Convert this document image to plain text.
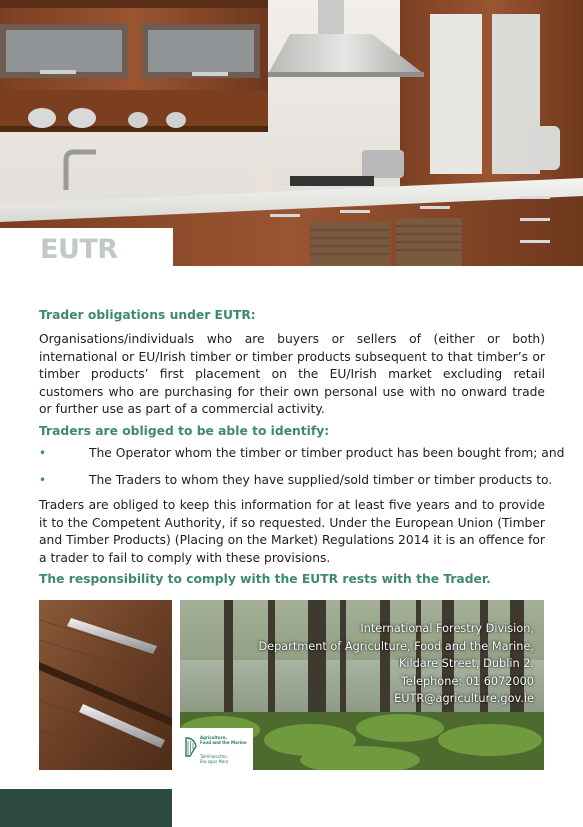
EUTR

Trader obligations under EUTR:

Organisations/individuals who are buyers or sellers of (either or both) international or EU/Irish timber or timber products subsequent to that timber’s or timber products’ first placement on the EU/Irish market excluding retail customers who are purchasing for their own personal use with no onward trade or further use as part of a commercial activity.

Traders are obliged to be able to identify:

•	The Operator whom the timber or timber product has been bought from; and
•	The Traders to whom they have supplied/sold timber or timber products to.

Traders are obliged to keep this information for at least five years and to provide it to the Competent Authority, if so requested. Under the European Union (Timber and Timber Products) (Placing on the Market) Regulations 2014 it is an offence for a trader to fail to comply with these provisions.

The responsibility to comply with the EUTR rests with the Trader.

International Forestry Division,
Department of Agriculture, Food and the Marine,
Kildare Street, Dublin 2.
Telephone: 01 6072000
EUTR@agriculture.gov.ie
Agriculture,
Food and the Marine
Talmhaíochta,
Bia agus Mara
